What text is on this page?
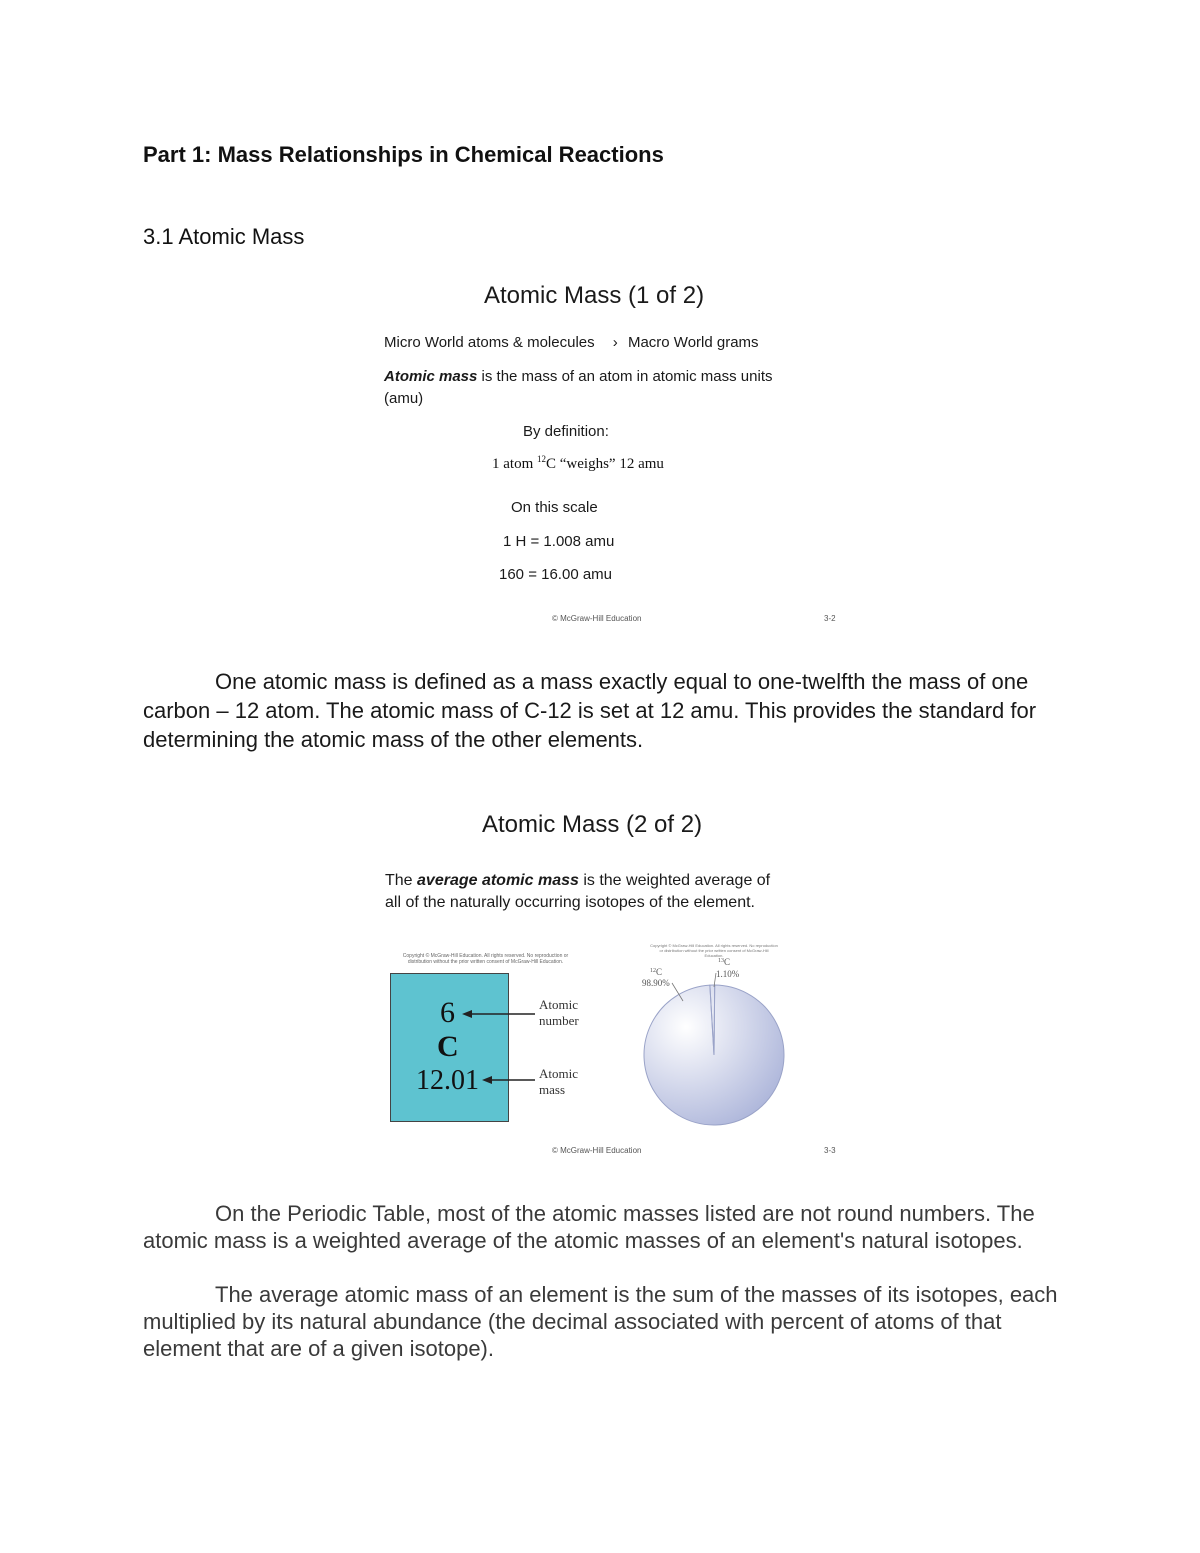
Part 1: Mass Relationships in Chemical Reactions
3.1 Atomic Mass
Atomic Mass (1 of 2)
Micro World atoms & molecules › Macro World grams
Atomic mass is the mass of an atom in atomic mass units
(amu)
By definition:
1 atom $^{12}$C “weighs” 12 amu
On this scale
1 H = 1.008 amu
160 = 16.00 amu
© McGraw-Hill Education	3-2
One atomic mass is defined as a mass exactly equal to one-twelfth the mass of one carbon – 12 atom. The atomic mass of C-12 is set at 12 amu. This provides the standard for determining the atomic mass of the other elements.
Atomic Mass (2 of 2)
The average atomic mass is the weighted average of
all of the naturally occurring isotopes of the element.
Copyright © McGraw-Hill Education. All rights reserved. No reproduction or distribution without the prior written consent of McGraw-Hill Education.
6
C
12.01
Atomic
number
Atomic
mass
Copyright © McGraw-Hill Education. All rights reserved. No reproduction or distribution without the prior written consent of McGraw-Hill Education.
$^{12}$C
98.90%
$^{13}$C
1.10%
© McGraw-Hill Education	3-3
On the Periodic Table, most of the atomic masses listed are not round numbers. The atomic mass is a weighted average of the atomic masses of an element's natural isotopes.
The average atomic mass of an element is the sum of the masses of its isotopes, each multiplied by its natural abundance (the decimal associated with percent of atoms of that element that are of a given isotope).
